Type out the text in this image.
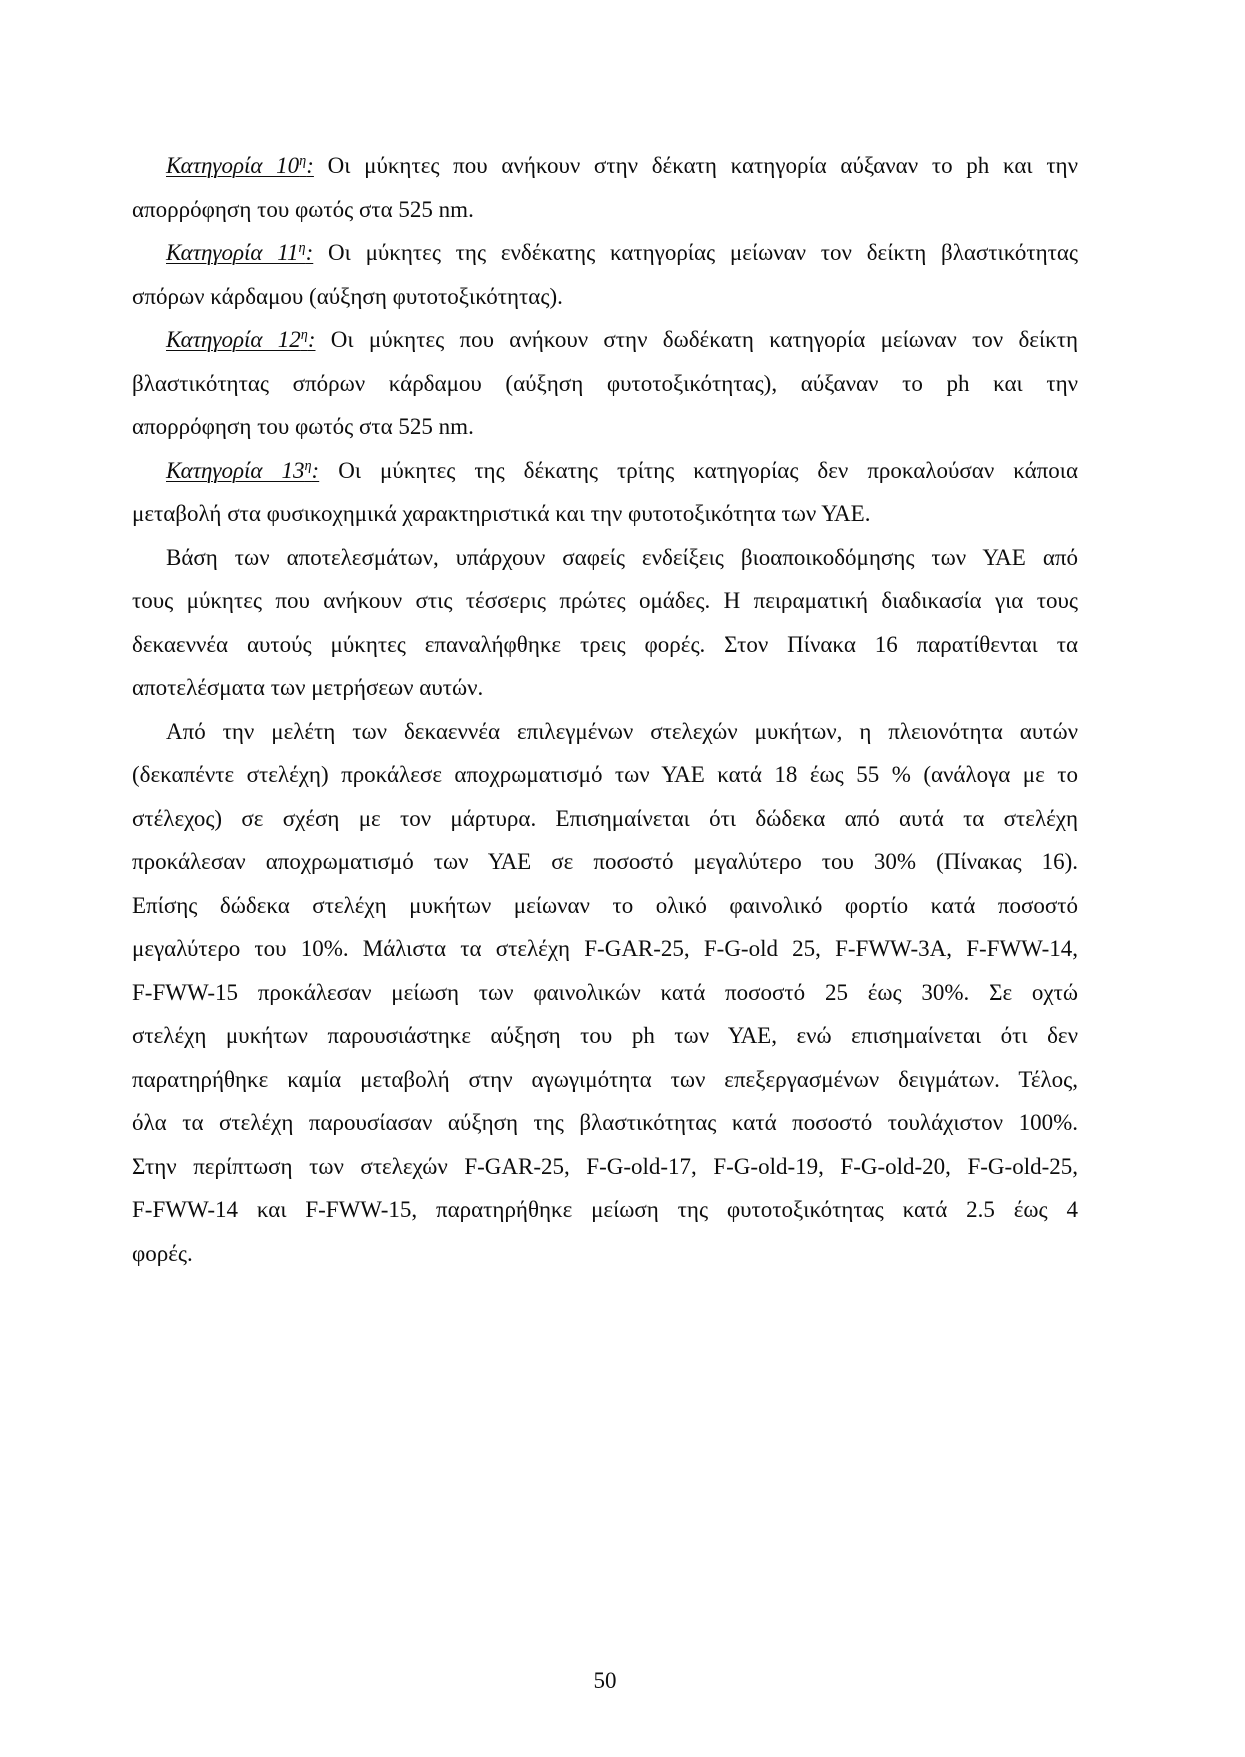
Κατηγορία $10^\eta$: Οι μύκητες που ανήκουν στην δέκατη κατηγορία αύξαναν το ph και την
απορρόφηση του φωτός στα 525 nm.
Κατηγορία $11^\eta$: Οι μύκητες της ενδέκατης κατηγορίας μείωναν τον δείκτη βλαστικότητας
σπόρων κάρδαμου (αύξηση φυτοτοξικότητας).
Κατηγορία $12^\eta$: Οι μύκητες που ανήκουν στην δωδέκατη κατηγορία μείωναν τον δείκτη
βλαστικότητας σπόρων κάρδαμου (αύξηση φυτοτοξικότητας), αύξαναν το ph και την
απορρόφηση του φωτός στα 525 nm.
Κατηγορία $13^\eta$: Οι μύκητες της δέκατης τρίτης κατηγορίας δεν προκαλούσαν κάποια
μεταβολή στα φυσικοχημικά χαρακτηριστικά και την φυτοτοξικότητα των ΥΑΕ.
Βάση των αποτελεσμάτων, υπάρχουν σαφείς ενδείξεις βιοαποικοδόμησης των ΥΑΕ από
τους μύκητες που ανήκουν στις τέσσερις πρώτες ομάδες. Η πειραματική διαδικασία για τους
δεκαεννέα αυτούς μύκητες επαναλήφθηκε τρεις φορές. Στον Πίνακα 16 παρατίθενται τα
αποτελέσματα των μετρήσεων αυτών.
Από την μελέτη των δεκαεννέα επιλεγμένων στελεχών μυκήτων, η πλειονότητα αυτών
(δεκαπέντε στελέχη) προκάλεσε αποχρωματισμό των ΥΑΕ κατά 18 έως 55 % (ανάλογα με το
στέλεχος) σε σχέση με τον μάρτυρα. Επισημαίνεται ότι δώδεκα από αυτά τα στελέχη
προκάλεσαν αποχρωματισμό των ΥΑΕ σε ποσοστό μεγαλύτερο του 30% (Πίνακας 16).
Επίσης δώδεκα στελέχη μυκήτων μείωναν το ολικό φαινολικό φορτίο κατά ποσοστό
μεγαλύτερο του 10%. Μάλιστα τα στελέχη F-GAR-25, F-G-old 25, F-FWW-3A, F-FWW-14,
F-FWW-15 προκάλεσαν μείωση των φαινολικών κατά ποσοστό 25 έως 30%. Σε οχτώ
στελέχη μυκήτων παρουσιάστηκε αύξηση του ph των ΥΑΕ, ενώ επισημαίνεται ότι δεν
παρατηρήθηκε καμία μεταβολή στην αγωγιμότητα των επεξεργασμένων δειγμάτων. Τέλος,
όλα τα στελέχη παρουσίασαν αύξηση της βλαστικότητας κατά ποσοστό τουλάχιστον 100%.
Στην περίπτωση των στελεχών F-GAR-25, F-G-old-17, F-G-old-19, F-G-old-20, F-G-old-25,
F-FWW-14 και F-FWW-15, παρατηρήθηκε μείωση της φυτοτοξικότητας κατά 2.5 έως 4
φορές.
50
